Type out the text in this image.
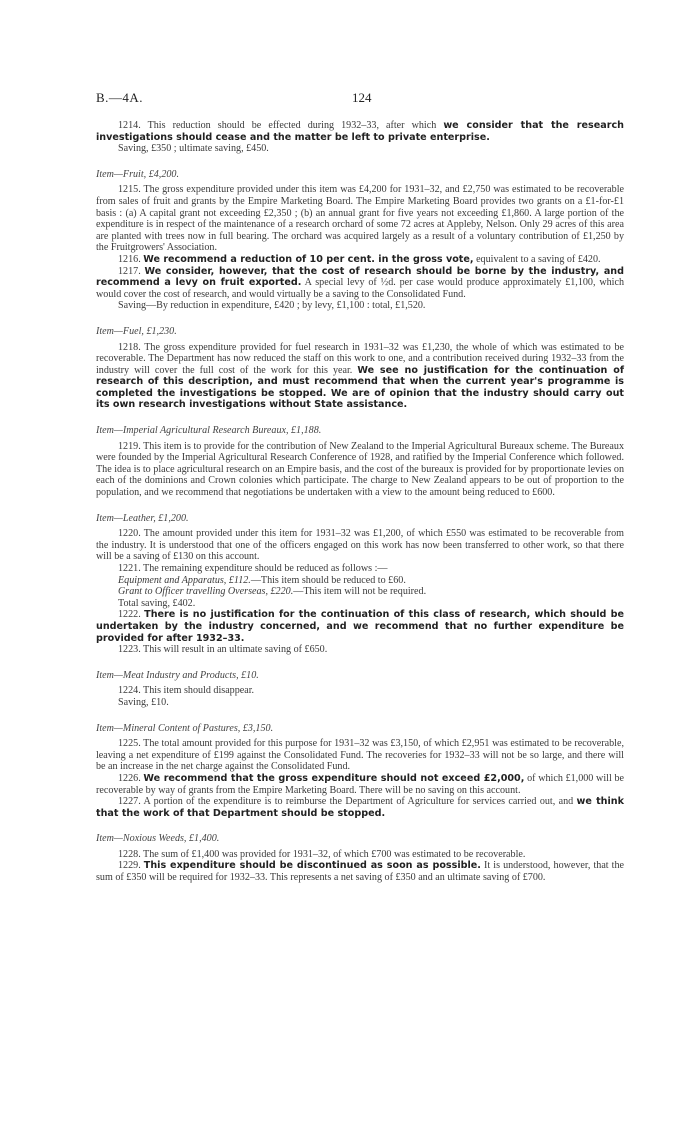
B.—4A.	124

1214. This reduction should be effected during 1932–33, after which we consider that the research investigations should cease and the matter be left to private enterprise.

Saving, £350 ; ultimate saving, £450.

Item—Fruit, £4,200.

1215. The gross expenditure provided under this item was £4,200 for 1931–32, and £2,750 was estimated to be recoverable from sales of fruit and grants by the Empire Marketing Board. The Empire Marketing Board provides two grants on a £1-for-£1 basis : (a) A capital grant not exceeding £2,350 ; (b) an annual grant for five years not exceeding £1,860. A large portion of the expenditure is in respect of the maintenance of a research orchard of some 72 acres at Appleby, Nelson. Only 29 acres of this area are planted with trees now in full bearing. The orchard was acquired largely as a result of a voluntary contribution of £1,250 by the Fruitgrowers' Association.

1216. We recommend a reduction of 10 per cent. in the gross vote, equivalent to a saving of £420.

1217. We consider, however, that the cost of research should be borne by the industry, and recommend a levy on fruit exported. A special levy of ½d. per case would produce approximately £1,100, which would cover the cost of research, and would virtually be a saving to the Consolidated Fund.

Saving—By reduction in expenditure, £420 ; by levy, £1,100 : total, £1,520.

Item—Fuel, £1,230.

1218. The gross expenditure provided for fuel research in 1931–32 was £1,230, the whole of which was estimated to be recoverable. The Department has now reduced the staff on this work to one, and a contribution received during 1932–33 from the industry will cover the full cost of the work for this year. We see no justification for the continuation of research of this description, and must recommend that when the current year's programme is completed the investigations be stopped. We are of opinion that the industry should carry out its own research investigations without State assistance.

Item—Imperial Agricultural Research Bureaux, £1,188.

1219. This item is to provide for the contribution of New Zealand to the Imperial Agricultural Bureaux scheme. The Bureaux were founded by the Imperial Agricultural Research Conference of 1928, and ratified by the Imperial Conference which followed. The idea is to place agricultural research on an Empire basis, and the cost of the bureaux is provided for by proportionate levies on each of the dominions and Crown colonies which participate. The charge to New Zealand appears to be out of proportion to the population, and we recommend that negotiations be undertaken with a view to the amount being reduced to £600.

Item—Leather, £1,200.

1220. The amount provided under this item for 1931–32 was £1,200, of which £550 was estimated to be recoverable from the industry. It is understood that one of the officers engaged on this work has now been transferred to other work, so that there will be a saving of £130 on this account.

1221. The remaining expenditure should be reduced as follows :—

Equipment and Apparatus, £112.—This item should be reduced to £60.

Grant to Officer travelling Overseas, £220.—This item will not be required.

Total saving, £402.

1222. There is no justification for the continuation of this class of research, which should be undertaken by the industry concerned, and we recommend that no further expenditure be provided for after 1932–33.

1223. This will result in an ultimate saving of £650.

Item—Meat Industry and Products, £10.

1224. This item should disappear.

Saving, £10.

Item—Mineral Content of Pastures, £3,150.

1225. The total amount provided for this purpose for 1931–32 was £3,150, of which £2,951 was estimated to be recoverable, leaving a net expenditure of £199 against the Consolidated Fund. The recoveries for 1932–33 will not be so large, and there will be an increase in the net charge against the Consolidated Fund.

1226. We recommend that the gross expenditure should not exceed £2,000, of which £1,000 will be recoverable by way of grants from the Empire Marketing Board. There will be no saving on this account.

1227. A portion of the expenditure is to reimburse the Department of Agriculture for services carried out, and we think that the work of that Department should be stopped.

Item—Noxious Weeds, £1,400.

1228. The sum of £1,400 was provided for 1931–32, of which £700 was estimated to be recoverable.

1229. This expenditure should be discontinued as soon as possible. It is understood, however, that the sum of £350 will be required for 1932–33. This represents a net saving of £350 and an ultimate saving of £700.
